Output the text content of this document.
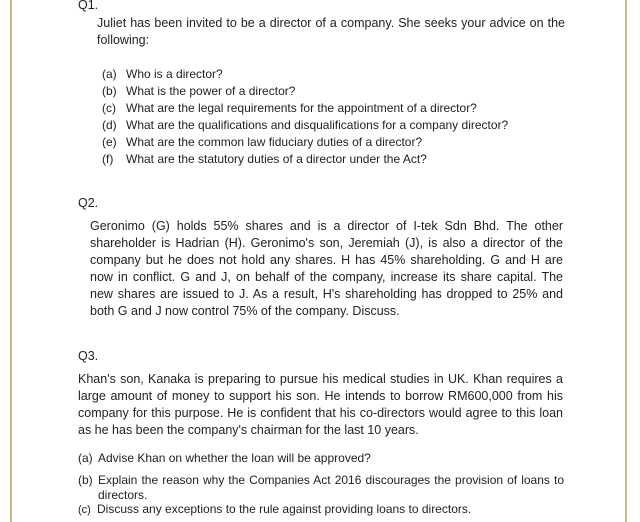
Q1.

Juliet has been invited to be a director of a company. She seeks your advice on the following:

(a) Who is a director?
(b) What is the power of a director?
(c) What are the legal requirements for the appointment of a director?
(d) What are the qualifications and disqualifications for a company director?
(e) What are the common law fiduciary duties of a director?
(f) What are the statutory duties of a director under the Act?

Q2.

Geronimo (G) holds 55% shares and is a director of I-tek Sdn Bhd. The other shareholder is Hadrian (H). Geronimo's son, Jeremiah (J), is also a director of the company but he does not hold any shares. H has 45% shareholding. G and H are now in conflict. G and J, on behalf of the company, increase its share capital. The new shares are issued to J. As a result, H's shareholding has dropped to 25% and both G and J now control 75% of the company. Discuss.

Q3.

Khan's son, Kanaka is preparing to pursue his medical studies in UK. Khan requires a large amount of money to support his son. He intends to borrow RM600,000 from his company for this purpose. He is confident that his co-directors would agree to this loan as he has been the company's chairman for the last 10 years.

(a) Advise Khan on whether the loan will be approved?
(b) Explain the reason why the Companies Act 2016 discourages the provision of loans to directors.
(c) Discuss any exceptions to the rule against providing loans to directors.
